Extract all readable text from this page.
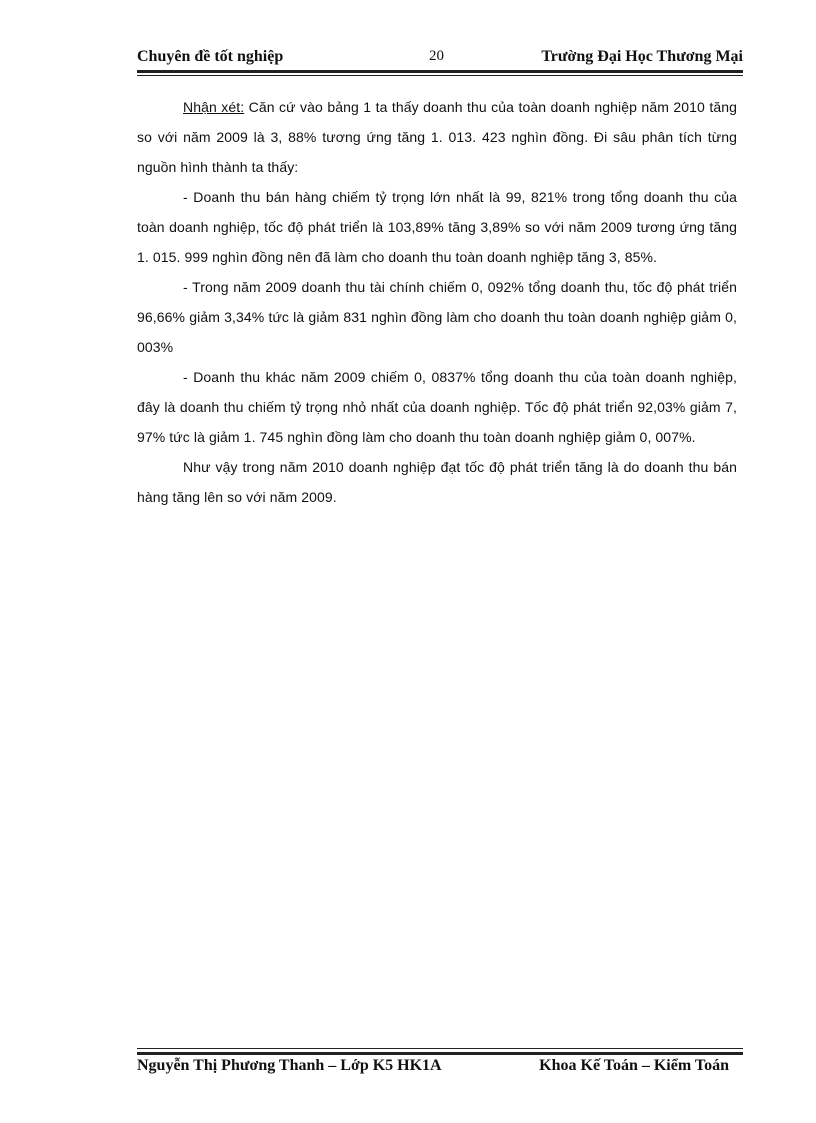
Chuyên đề tốt nghiệp	20	Trường Đại Học Thương Mại

Nhận xét: Căn cứ vào bảng 1 ta thấy doanh thu của toàn doanh nghiệp năm 2010 tăng so với năm 2009 là 3, 88% tương ứng tăng 1. 013. 423 nghìn đồng. Đi sâu phân tích từng nguồn hình thành ta thấy:

- Doanh thu bán hàng chiếm tỷ trọng lớn nhất là 99, 821% trong tổng doanh thu của toàn doanh nghiệp, tốc độ phát triển là 103,89% tăng 3,89% so với năm 2009 tương ứng tăng 1. 015. 999 nghìn đồng nên đã làm cho doanh thu toàn doanh nghiệp tăng 3, 85%.

- Trong năm 2009 doanh thu tài chính chiếm 0, 092% tổng doanh thu, tốc độ phát triển 96,66% giảm 3,34% tức là giảm 831 nghìn đồng làm cho doanh thu toàn doanh nghiệp giảm 0, 003%

- Doanh thu khác năm 2009 chiếm 0, 0837% tổng doanh thu của toàn doanh nghiệp, đây là doanh thu chiếm tỷ trọng nhỏ nhất của doanh nghiệp. Tốc độ phát triển 92,03% giảm 7, 97% tức là giảm 1. 745 nghìn đồng làm cho doanh thu toàn doanh nghiệp giảm 0, 007%.

Như vậy trong năm 2010 doanh nghiệp đạt tốc độ phát triển tăng là do doanh thu bán hàng tăng lên so với năm 2009.

Nguyễn Thị Phương Thanh – Lớp K5 HK1A	Khoa Kế Toán – Kiểm Toán
